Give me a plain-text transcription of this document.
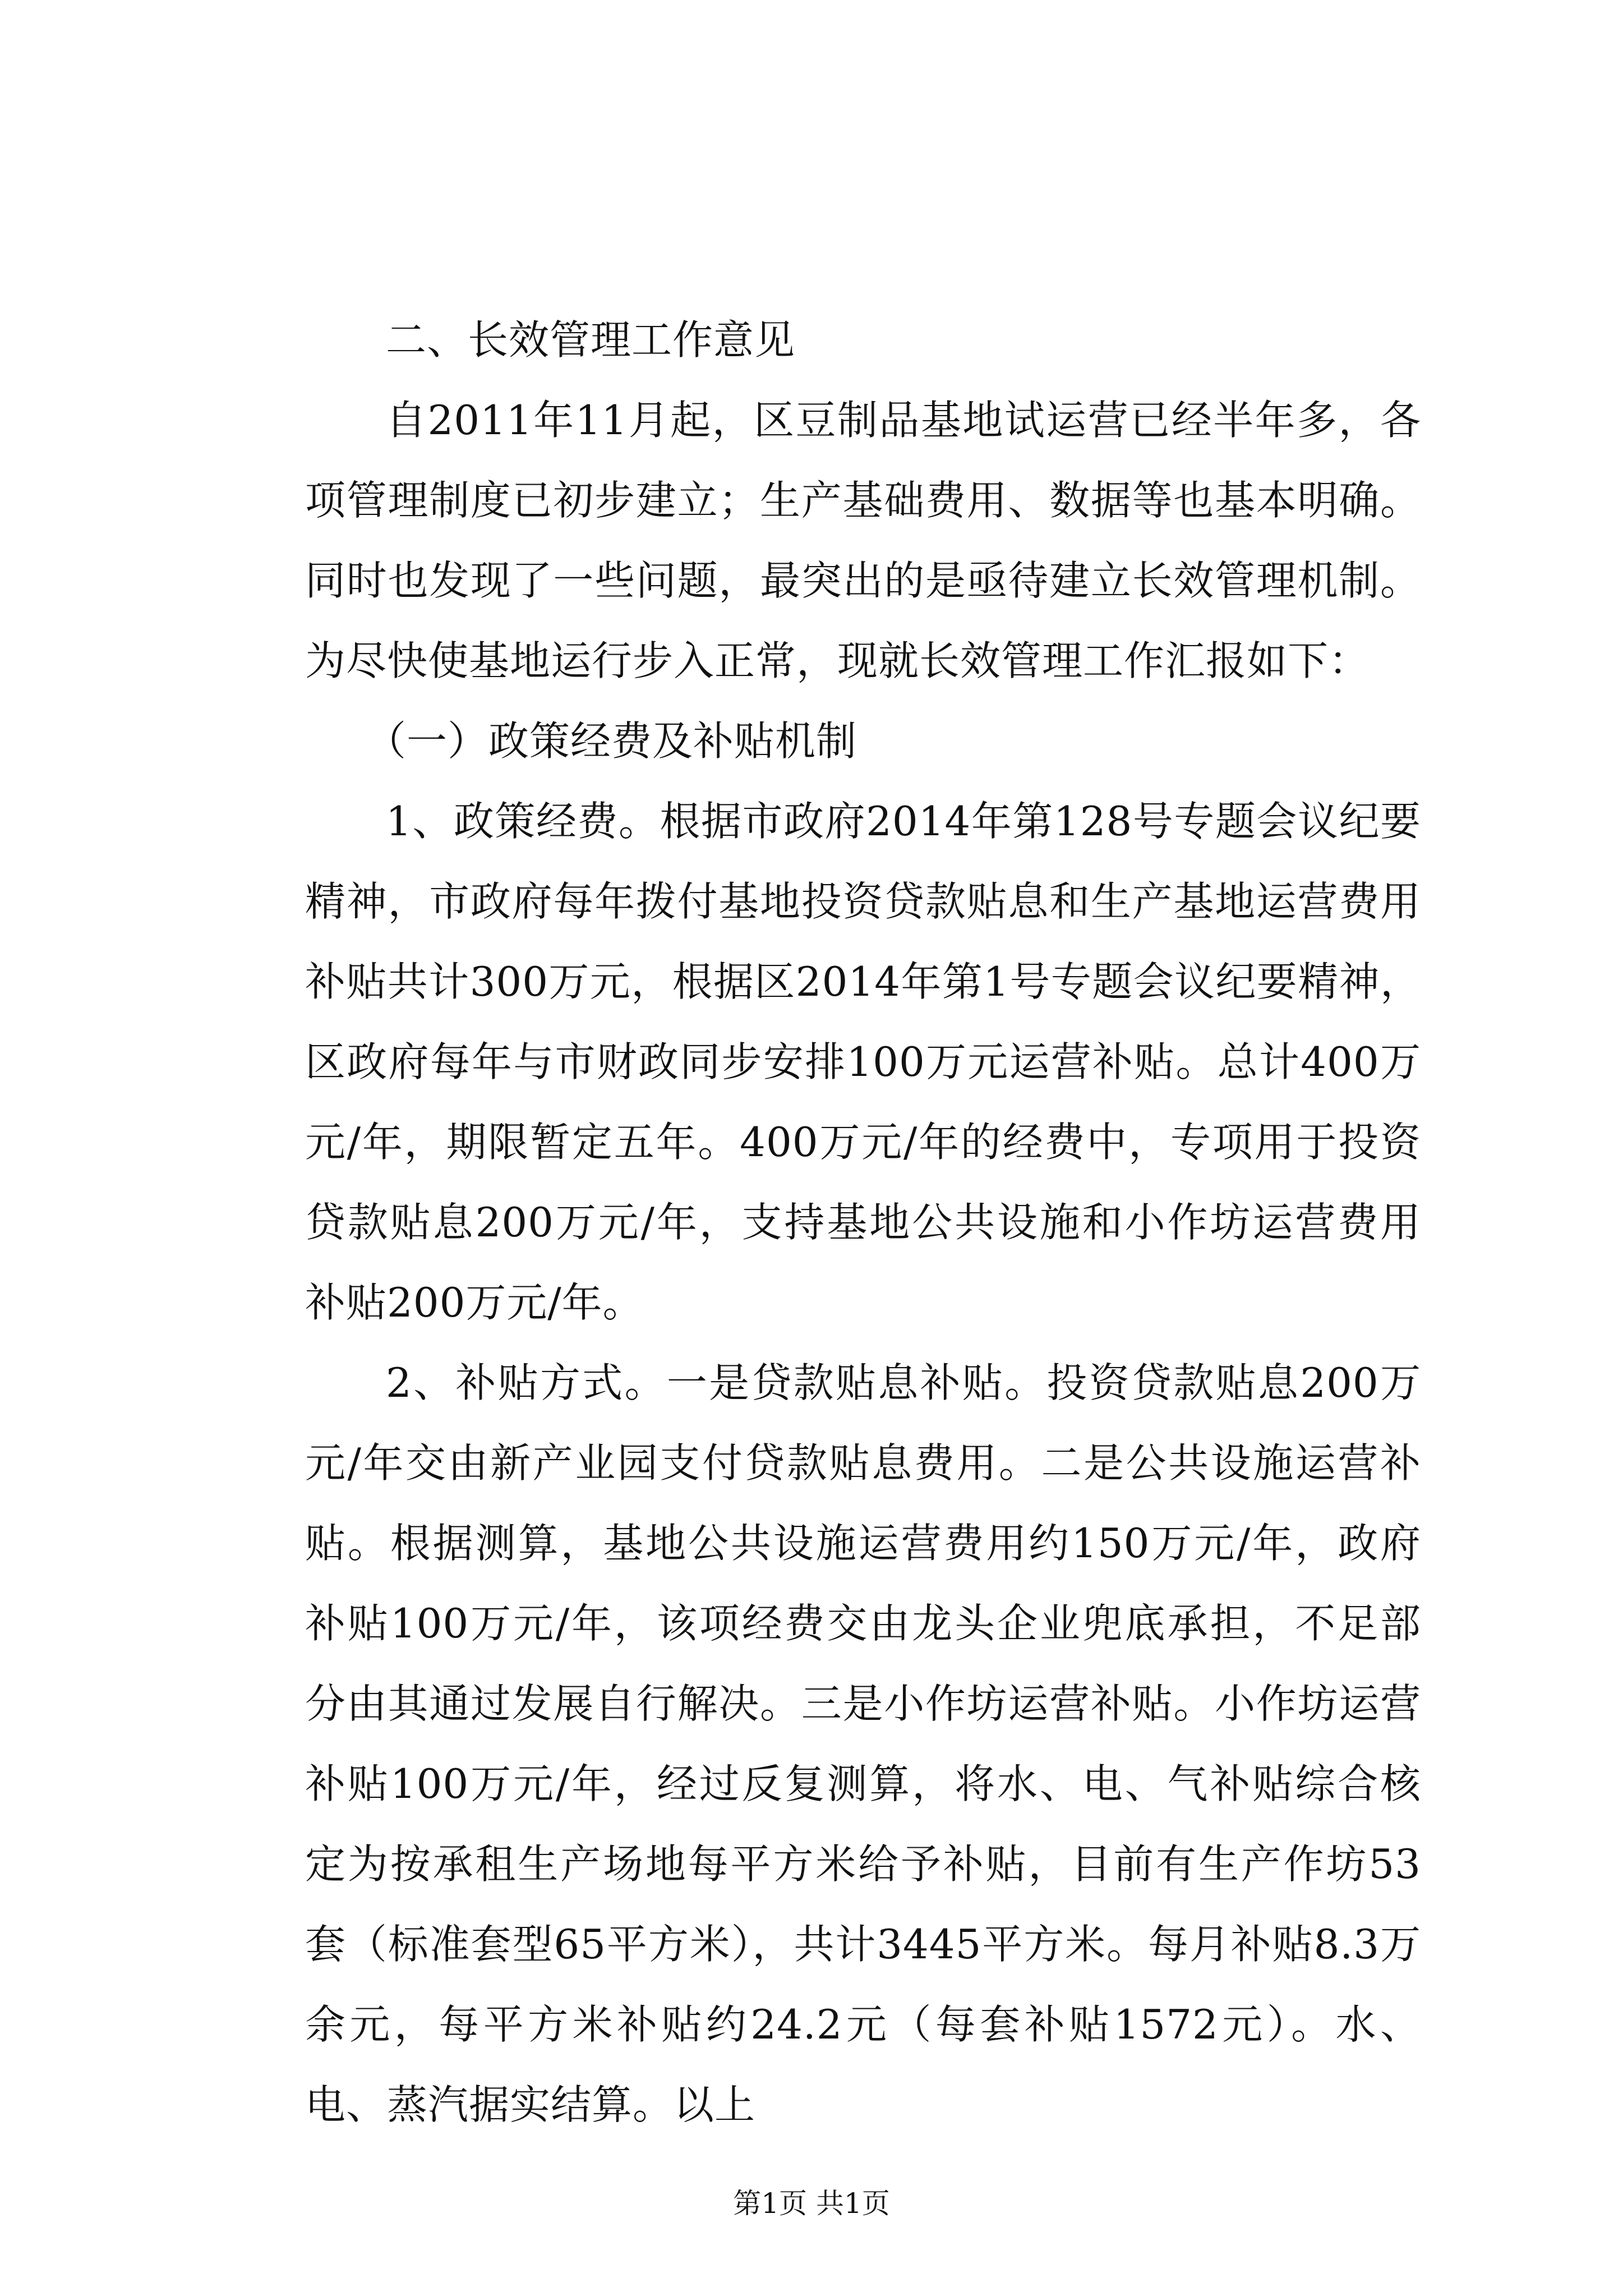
二、长效管理工作意见

自2011年11月起，区豆制品基地试运营已经半年多，各项管理制度已初步建立；生产基础费用、数据等也基本明确。同时也发现了一些问题，最突出的是亟待建立长效管理机制。为尽快使基地运行步入正常，现就长效管理工作汇报如下：

（一）政策经费及补贴机制

1、政策经费。根据市政府2014年第128号专题会议纪要精神，市政府每年拨付基地投资贷款贴息和生产基地运营费用补贴共计300万元，根据区2014年第1号专题会议纪要精神，区政府每年与市财政同步安排100万元运营补贴。总计400万元/年，期限暂定五年。400万元/年的经费中，专项用于投资贷款贴息200万元/年，支持基地公共设施和小作坊运营费用补贴200万元/年。

2、补贴方式。一是贷款贴息补贴。投资贷款贴息200万元/年交由新产业园支付贷款贴息费用。二是公共设施运营补贴。根据测算，基地公共设施运营费用约150万元/年，政府补贴100万元/年，该项经费交由龙头企业兜底承担，不足部分由其通过发展自行解决。三是小作坊运营补贴。小作坊运营补贴100万元/年，经过反复测算，将水、电、气补贴综合核定为按承租生产场地每平方米给予补贴，目前有生产作坊53套（标准套型65平方米），共计3445平方米。每月补贴8.3万余元，每平方米补贴约24.2元（每套补贴1572元）。水、电、蒸汽据实结算。以上

第1页 共1页
